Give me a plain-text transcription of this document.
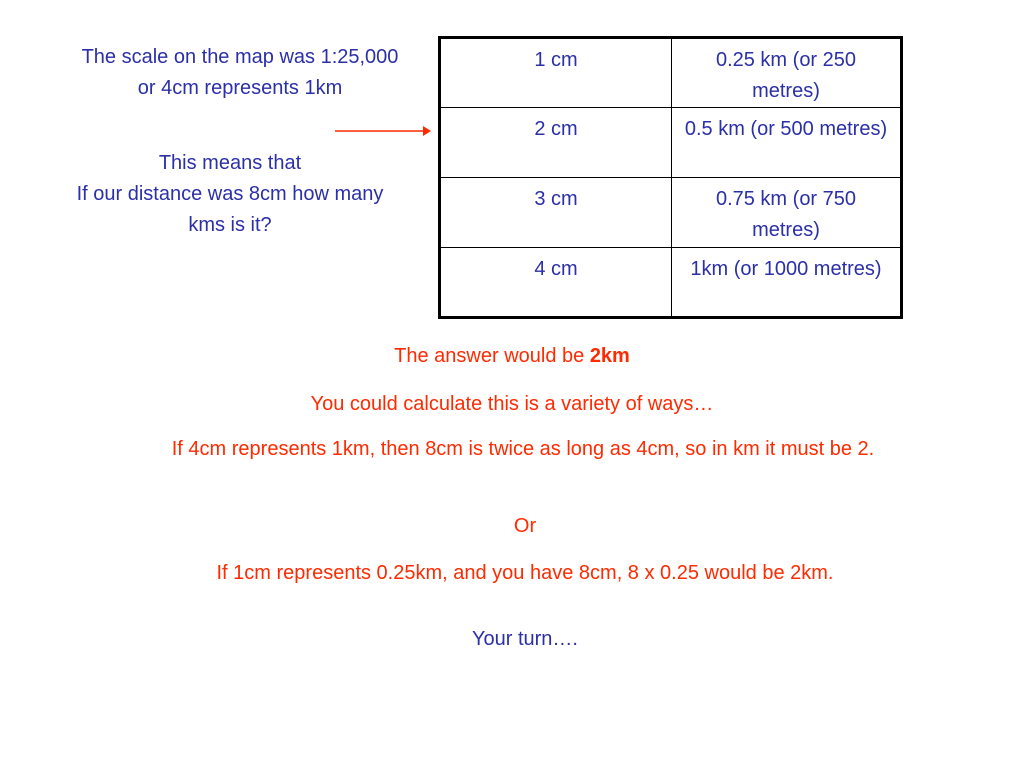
The scale on the map was 1:25,000 or 4cm represents 1km

This means that
If our distance was 8cm how many kms is it?

1 cm	0.25 km (or 250 metres)
2 cm	0.5 km (or 500 metres)
3 cm	0.75 km (or 750 metres)
4 cm	1km (or 1000 metres)

The answer would be 2km

You could calculate this is a variety of ways…

If 4cm represents 1km, then 8cm is twice as long as 4cm, so in km it must be 2.

Or

If 1cm represents 0.25km, and you have 8cm, 8 x 0.25 would be 2km.

Your turn….
